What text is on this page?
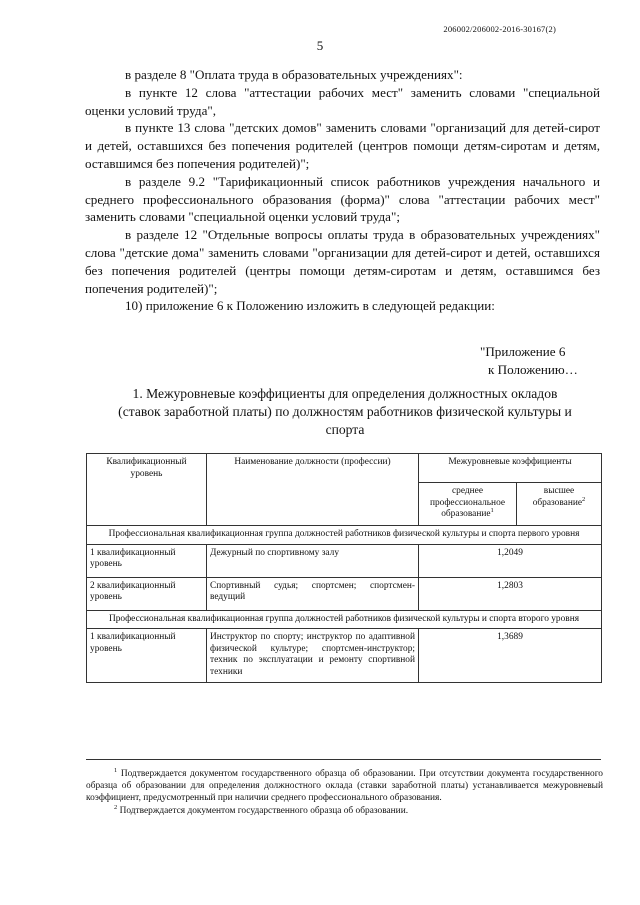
206002/206002-2016-30167(2)
5

в разделе 8 "Оплата труда в образовательных учреждениях":

в пункте 12 слова "аттестации рабочих мест" заменить словами "специальной оценки условий труда",

в пункте 13 слова "детских домов" заменить словами "организаций для детей-сирот и детей, оставшихся без попечения родителей (центров помощи детям-сиротам и детям, оставшимся без попечения родителей)";

в разделе 9.2 "Тарификационный список работников учреждения начального и среднего профессионального образования (форма)" слова "аттестации рабочих мест" заменить словами "специальной оценки условий труда";

в разделе 12 "Отдельные вопросы оплаты труда в образовательных учреждениях" слова "детские дома" заменить словами "организации для детей-сирот и детей, оставшихся без попечения родителей (центры помощи детям-сиротам и детям, оставшимся без попечения родителей)";

10) приложение 6 к Положению изложить в следующей редакции:

"Приложение 6
к Положению…
1. Межуровневые коэффициенты для определения должностных окладов (ставок заработной платы) по должностям работников физической культуры и спорта
Квалификационный уровень	Наименование должности (профессии)	Межуровневые коэффициенты	
		среднее профессиональное образование$^1$	высшее образование$^2$
Профессиональная квалификационная группа должностей работников физической культуры и спорта первого уровня			
1 квалификационный уровень	Дежурный по спортивному залу	1,2049	
2 квалификационный уровень	Спортивный судья; спортсмен; спортсмен-ведущий	1,2803	
Профессиональная квалификационная группа должностей работников физической культуры и спорта второго уровня			
1 квалификационный уровень	Инструктор по спорту; инструктор по адаптивной физической культуре; спортсмен-инструктор; техник по эксплуатации и ремонту спортивной техники	1,3689	

$^1$ Подтверждается документом государственного образца об образовании. При отсутствии документа государственного образца об образовании для определения должностного оклада (ставки заработной платы) устанавливается межуровневый коэффициент, предусмотренный при наличии среднего профессионального образования.

$^2$ Подтверждается документом государственного образца об образовании.
